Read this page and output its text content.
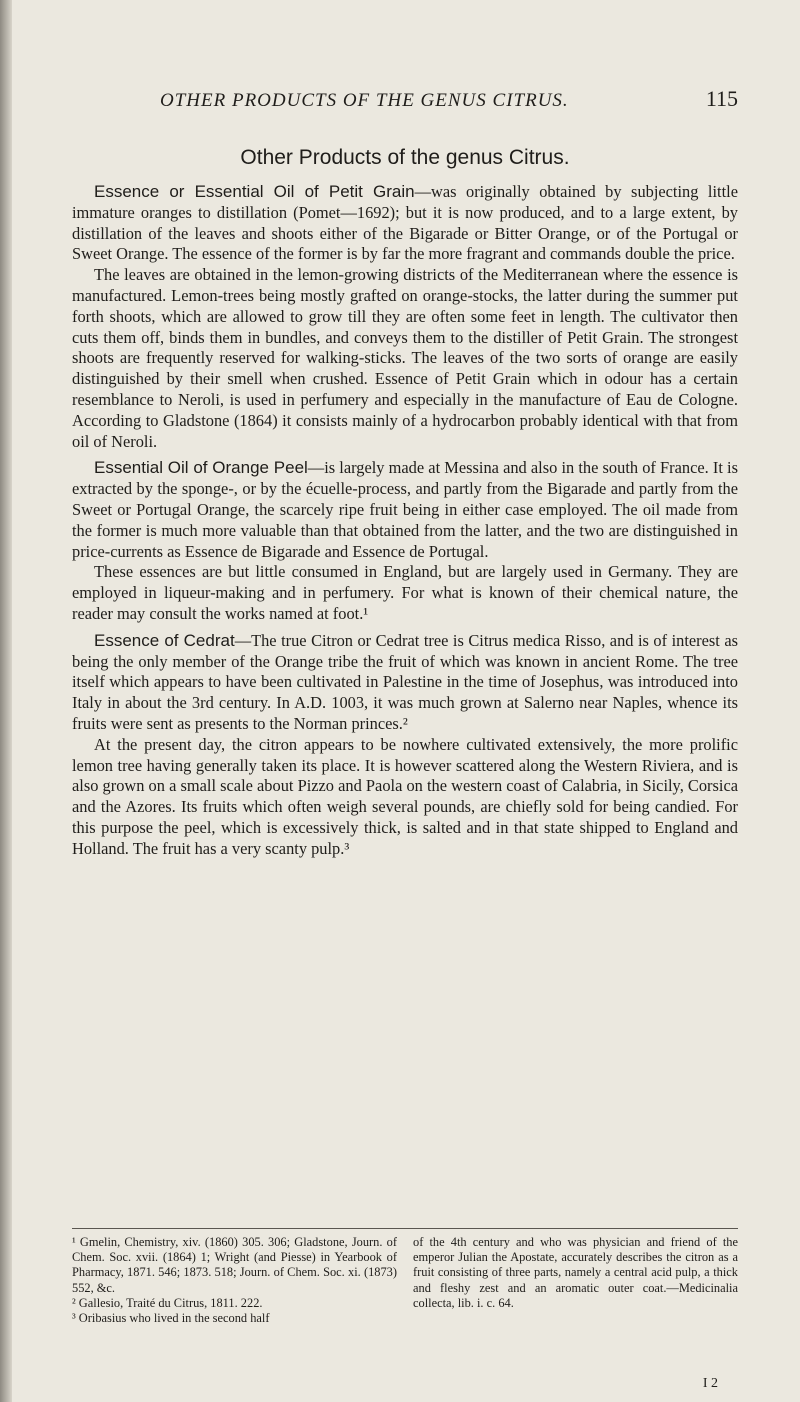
OTHER PRODUCTS OF THE GENUS CITRUS.	115
Other Products of the genus Citrus.

Essence or Essential Oil of Petit Grain—was originally obtained by subjecting little immature oranges to distillation (Pomet—1692); but it is now produced, and to a large extent, by distillation of the leaves and shoots either of the Bigarade or Bitter Orange, or of the Portugal or Sweet Orange. The essence of the former is by far the more fragrant and commands double the price.

The leaves are obtained in the lemon-growing districts of the Mediterranean where the essence is manufactured. Lemon-trees being mostly grafted on orange-stocks, the latter during the summer put forth shoots, which are allowed to grow till they are often some feet in length. The cultivator then cuts them off, binds them in bundles, and conveys them to the distiller of Petit Grain. The strongest shoots are frequently reserved for walking-sticks. The leaves of the two sorts of orange are easily distinguished by their smell when crushed. Essence of Petit Grain which in odour has a certain resemblance to Neroli, is used in perfumery and especially in the manufacture of Eau de Cologne. According to Gladstone (1864) it consists mainly of a hydrocarbon probably identical with that from oil of Neroli.

Essential Oil of Orange Peel—is largely made at Messina and also in the south of France. It is extracted by the sponge-, or by the écuelle-process, and partly from the Bigarade and partly from the Sweet or Portugal Orange, the scarcely ripe fruit being in either case employed. The oil made from the former is much more valuable than that obtained from the latter, and the two are distinguished in price-currents as Essence de Bigarade and Essence de Portugal.

These essences are but little consumed in England, but are largely used in Germany. They are employed in liqueur-making and in perfumery. For what is known of their chemical nature, the reader may consult the works named at foot.¹

Essence of Cedrat—The true Citron or Cedrat tree is Citrus medica Risso, and is of interest as being the only member of the Orange tribe the fruit of which was known in ancient Rome. The tree itself which appears to have been cultivated in Palestine in the time of Josephus, was introduced into Italy in about the 3rd century. In A.D. 1003, it was much grown at Salerno near Naples, whence its fruits were sent as presents to the Norman princes.²

At the present day, the citron appears to be nowhere cultivated extensively, the more prolific lemon tree having generally taken its place. It is however scattered along the Western Riviera, and is also grown on a small scale about Pizzo and Paola on the western coast of Calabria, in Sicily, Corsica and the Azores. Its fruits which often weigh several pounds, are chiefly sold for being candied. For this purpose the peel, which is excessively thick, is salted and in that state shipped to England and Holland. The fruit has a very scanty pulp.³

¹ Gmelin, Chemistry, xiv. (1860) 305. 306; Gladstone, Journ. of Chem. Soc. xvii. (1864) 1; Wright (and Piesse) in Yearbook of Pharmacy, 1871. 546; 1873. 518; Journ. of Chem. Soc. xi. (1873) 552, &c.

² Gallesio, Traité du Citrus, 1811. 222.

³ Oribasius who lived in the second half

of the 4th century and who was physician and friend of the emperor Julian the Apostate, accurately describes the citron as a fruit consisting of three parts, namely a central acid pulp, a thick and fleshy zest and an aromatic outer coat.—Medicinalia collecta, lib. i. c. 64.

I 2
